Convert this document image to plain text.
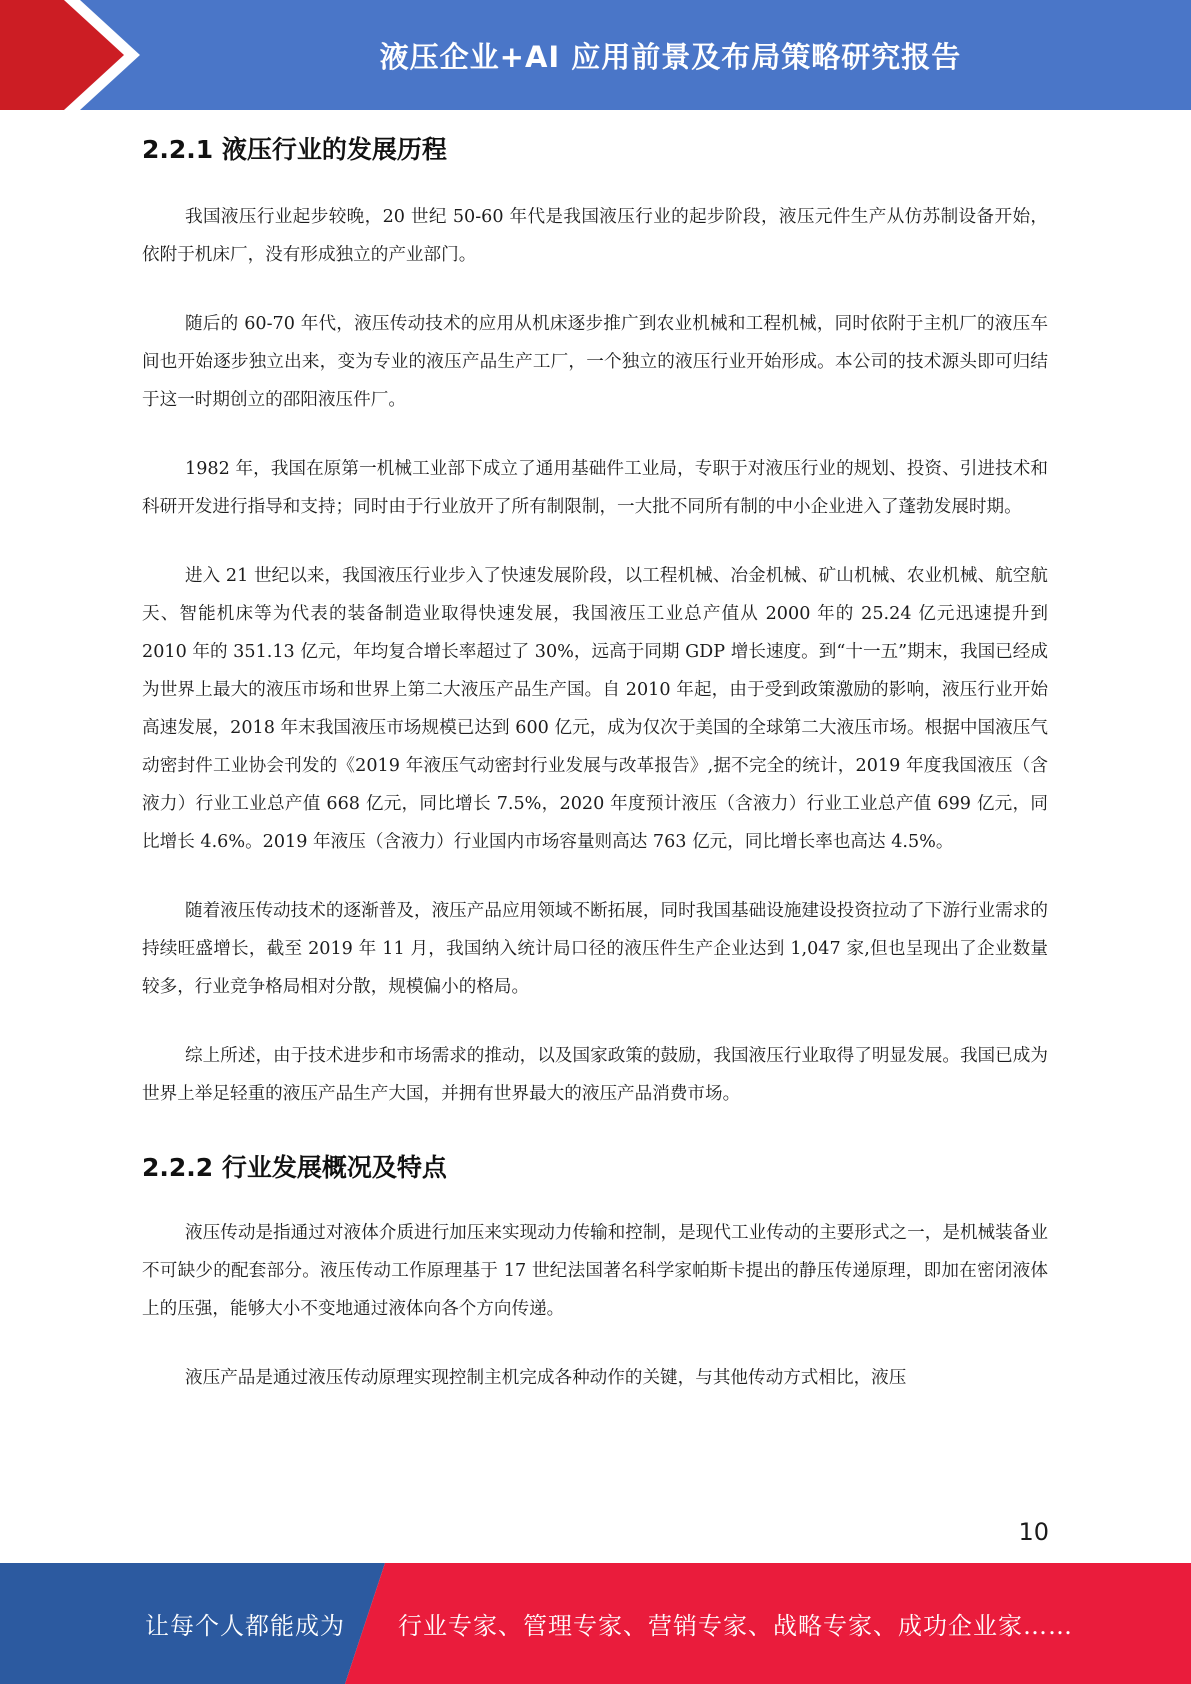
液压企业+AI 应用前景及布局策略研究报告
2.2.1 液压行业的发展历程

我国液压行业起步较晚，20 世纪 50-60 年代是我国液压行业的起步阶段，液压元件生产从仿苏制设备开始，依附于机床厂，没有形成独立的产业部门。

随后的 60-70 年代，液压传动技术的应用从机床逐步推广到农业机械和工程机械，同时依附于主机厂的液压车间也开始逐步独立出来，变为专业的液压产品生产工厂，一个独立的液压行业开始形成。本公司的技术源头即可归结于这一时期创立的邵阳液压件厂。

1982 年，我国在原第一机械工业部下成立了通用基础件工业局，专职于对液压行业的规划、投资、引进技术和科研开发进行指导和支持；同时由于行业放开了所有制限制，一大批不同所有制的中小企业进入了蓬勃发展时期。

进入 21 世纪以来，我国液压行业步入了快速发展阶段，以工程机械、冶金机械、矿山机械、农业机械、航空航天、智能机床等为代表的装备制造业取得快速发展，我国液压工业总产值从 2000 年的 25.24 亿元迅速提升到 2010 年的 351.13 亿元，年均复合增长率超过了 30%，远高于同期 GDP 增长速度。到“十一五”期末，我国已经成为世界上最大的液压市场和世界上第二大液压产品生产国。自 2010 年起，由于受到政策激励的影响，液压行业开始高速发展，2018 年末我国液压市场规模已达到 600 亿元，成为仅次于美国的全球第二大液压市场。根据中国液压气动密封件工业协会刊发的《2019 年液压气动密封行业发展与改革报告》,据不完全的统计，2019 年度我国液压（含液力）行业工业总产值 668 亿元，同比增长 7.5%，2020 年度预计液压（含液力）行业工业总产值 699 亿元，同比增长 4.6%。2019 年液压（含液力）行业国内市场容量则高达 763 亿元，同比增长率也高达 4.5%。

随着液压传动技术的逐渐普及，液压产品应用领域不断拓展，同时我国基础设施建设投资拉动了下游行业需求的持续旺盛增长，截至 2019 年 11 月，我国纳入统计局口径的液压件生产企业达到 1,047 家,但也呈现出了企业数量较多，行业竞争格局相对分散，规模偏小的格局。

综上所述，由于技术进步和市场需求的推动，以及国家政策的鼓励，我国液压行业取得了明显发展。我国已成为世界上举足轻重的液压产品生产大国，并拥有世界最大的液压产品消费市场。

2.2.2 行业发展概况及特点

液压传动是指通过对液体介质进行加压来实现动力传输和控制，是现代工业传动的主要形式之一，是机械装备业不可缺少的配套部分。液压传动工作原理基于 17 世纪法国著名科学家帕斯卡提出的静压传递原理，即加在密闭液体上的压强，能够大小不变地通过液体向各个方向传递。

液压产品是通过液压传动原理实现控制主机完成各种动作的关键，与其他传动方式相比，液压

10
让每个人都能成为 行业专家、管理专家、营销专家、战略专家、成功企业家……
